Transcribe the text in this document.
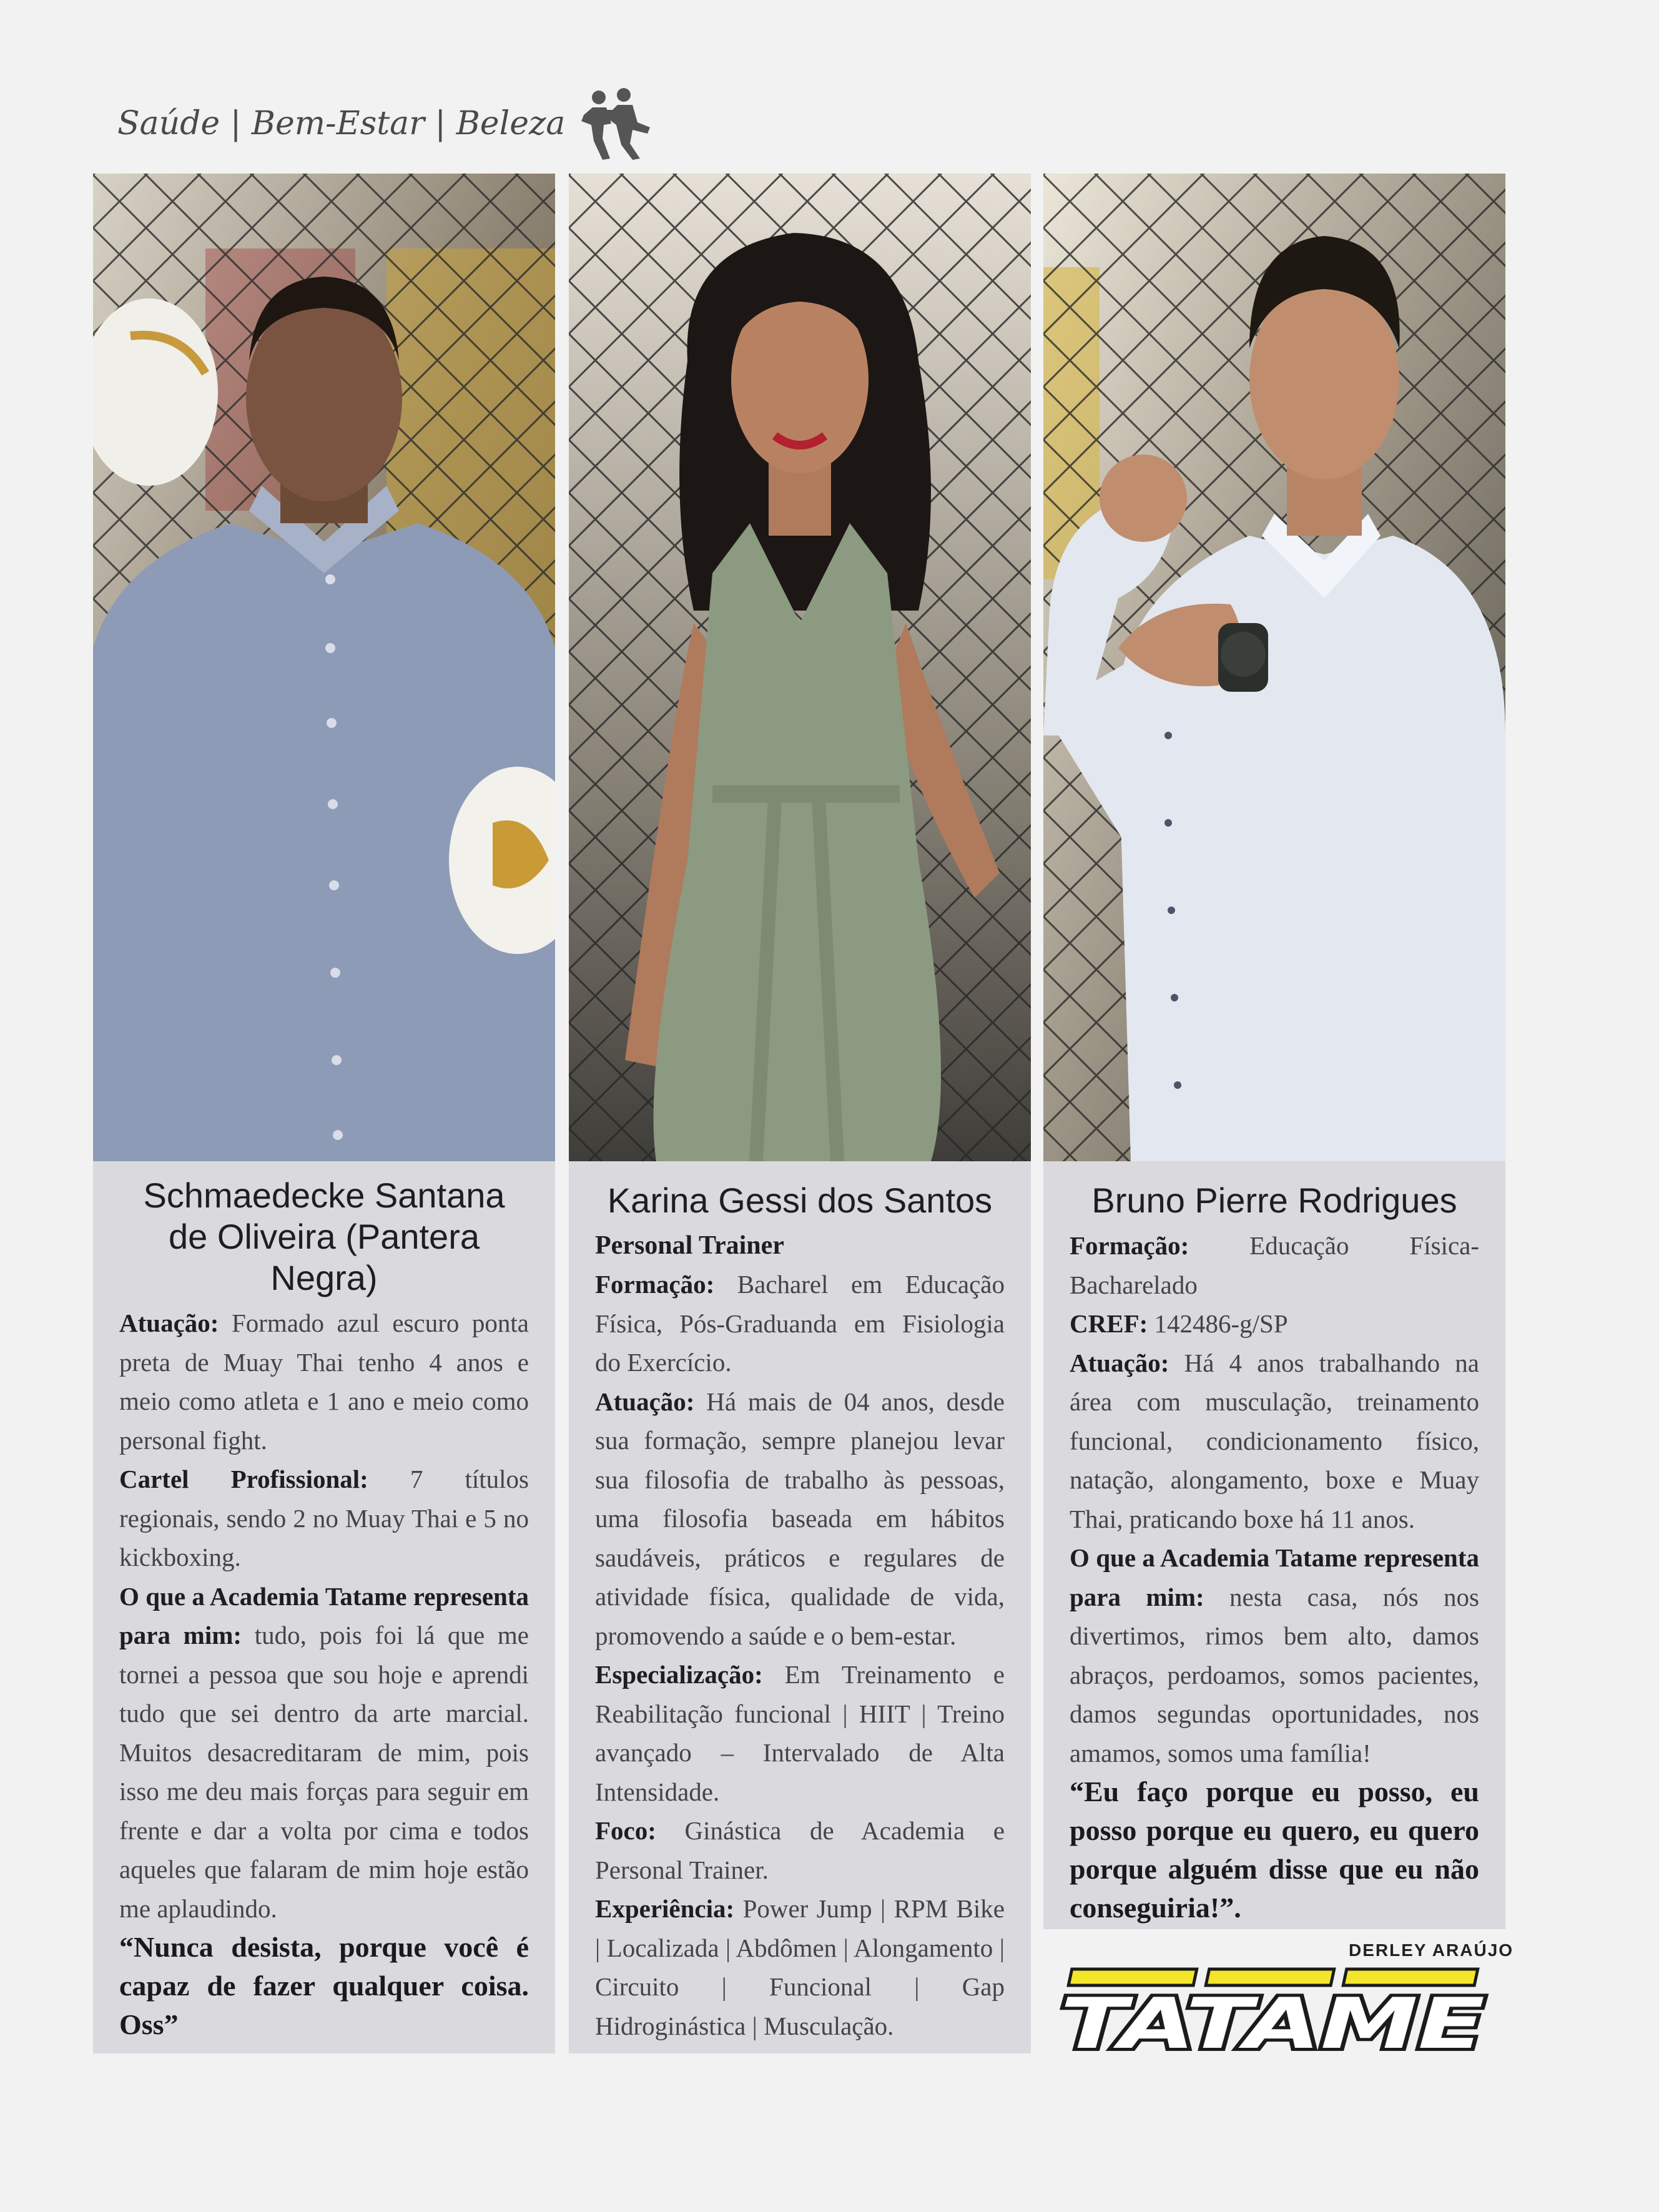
Saúde | Bem-Estar | Beleza
Schmaedecke Santana de Oliveira (Pantera Negra)

Atuação: Formado azul escuro ponta preta de Muay Thai tenho 4 anos e meio como atleta e 1 ano e meio como personal fight.

Cartel Profissional: 7 títulos regionais, sendo 2 no Muay Thai e 5 no kickboxing.

O que a Academia Tatame representa para mim: tudo, pois foi lá que me tornei a pessoa que sou hoje e aprendi tudo que sei dentro da arte marcial. Muitos desacreditaram de mim, pois isso me deu mais forças para seguir em frente e dar a volta por cima e todos aqueles que falaram de mim hoje estão me aplaudindo.

“Nunca desista, porque você é capaz de fazer qualquer coisa. Oss”

Karina Gessi dos Santos

Personal Trainer

Formação: Bacharel em Educação Física, Pós-Graduanda em Fisiologia do Exercício.

Atuação: Há mais de 04 anos, desde sua formação, sempre planejou levar sua filosofia de trabalho às pessoas, uma filosofia baseada em hábitos saudáveis, práticos e regulares de atividade física, qualidade de vida, promovendo a saúde e o bem-estar.

Especialização: Em Treinamento e Reabilitação funcional | HIIT | Treino avançado – Intervalado de Alta Intensidade.

Foco: Ginástica de Academia e Personal Trainer.

Experiência: Power Jump | RPM Bike | Localizada | Abdômen | Alongamento | Circuito | Funcional | Gap Hidroginástica | Musculação.

Bruno Pierre Rodrigues

Formação: Educação Física- Bacharelado

CREF: 142486-g/SP

Atuação: Há 4 anos trabalhando na área com musculação, treinamento funcional, condicionamento físico, natação, alongamento, boxe e Muay Thai, praticando boxe há 11 anos.

O que a Academia Tatame representa para mim: nesta casa, nós nos divertimos, rimos bem alto, damos abraços, perdoamos, somos pacientes, damos segundas oportunidades, nos amamos, somos uma família!

“Eu faço porque eu posso, eu posso porque eu quero, eu quero porque alguém disse que eu não conseguiria!”.

DERLEY ARAÚJO
TATAME
